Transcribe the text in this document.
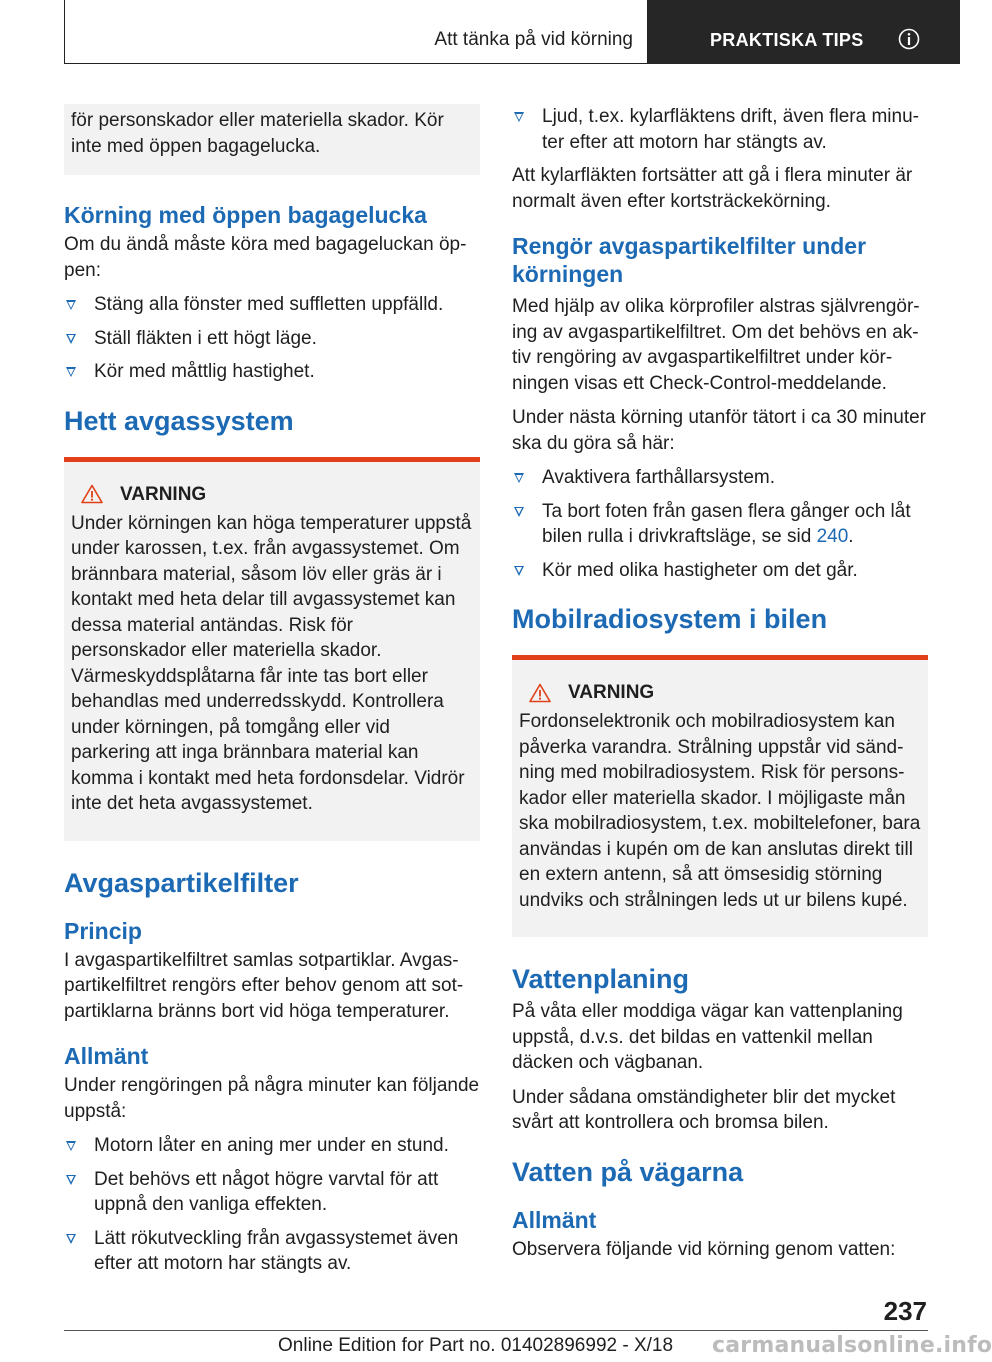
Att tänka på vid körning	PRAKTISKA TIPS

för personskador eller materiella skador. Kör inte med öppen bagagelucka.

Körning med öppen bagagelucka

Om du ändå måste köra med bagageluckan öppen:

Stäng alla fönster med suffletten uppfälld.
Ställ fläkten i ett högt läge.
Kör med måttlig hastighet.
Hett avgassystem
VARNING

Under körningen kan höga temperaturer uppstå under karossen, t.ex. från avgassystemet. Om brännbara material, såsom löv eller gräs är i kontakt med heta delar till avgassystemet kan dessa material antändas. Risk för personskador eller materiella skador. Värmeskyddsplåtarna får inte tas bort eller behandlas med underredsskydd. Kontrollera under körningen, på tomgång eller vid parkering att inga brännbara material kan komma i kontakt med heta fordonsdelar. Vidrör inte det heta avgassystemet.

Avgaspartikelfilter
Princip

I avgaspartikelfiltret samlas sotpartiklar. Avgaspartikelfiltret rengörs efter behov genom att sotpartiklarna bränns bort vid höga temperaturer.

Allmänt

Under rengöringen på några minuter kan följande uppstå:

Motorn låter en aning mer under en stund.
Det behövs ett något högre varvtal för att uppnå den vanliga effekten.
Lätt rökutveckling från avgassystemet även efter att motorn har stängts av.
Ljud, t.ex. kylarfläktens drift, även flera minuter efter att motorn har stängts av.

Att kylarfläkten fortsätter att gå i flera minuter är normalt även efter kortsträckekörning.

Rengör avgaspartikelfilter under körningen

Med hjälp av olika körprofiler alstras självrengöring av avgaspartikelfiltret. Om det behövs en aktiv rengöring av avgaspartikelfiltret under körningen visas ett Check-Control-meddelande.

Under nästa körning utanför tätort i ca 30 minuter ska du göra så här:

Avaktivera farthållarsystem.
Ta bort foten från gasen flera gånger och låt bilen rulla i drivkraftsläge, se sid 240.
Kör med olika hastigheter om det går.
Mobilradiosystem i bilen
VARNING

Fordonselektronik och mobilradiosystem kan påverka varandra. Strålning uppstår vid sändning med mobilradiosystem. Risk för personskador eller materiella skador. I möjligaste mån ska mobilradiosystem, t.ex. mobiltelefoner, bara användas i kupén om de kan anslutas direkt till en extern antenn, så att ömsesidig störning undviks och strålningen leds ut ur bilens kupé.

Vattenplaning

På våta eller moddiga vägar kan vattenplaning uppstå, d.v.s. det bildas en vattenkil mellan däcken och vägbanan.

Under sådana omständigheter blir det mycket svårt att kontrollera och bromsa bilen.

Vatten på vägarna
Allmänt

Observera följande vid körning genom vatten:

237
Online Edition for Part no. 01402896992 - X/18 carmanualsonline.info
